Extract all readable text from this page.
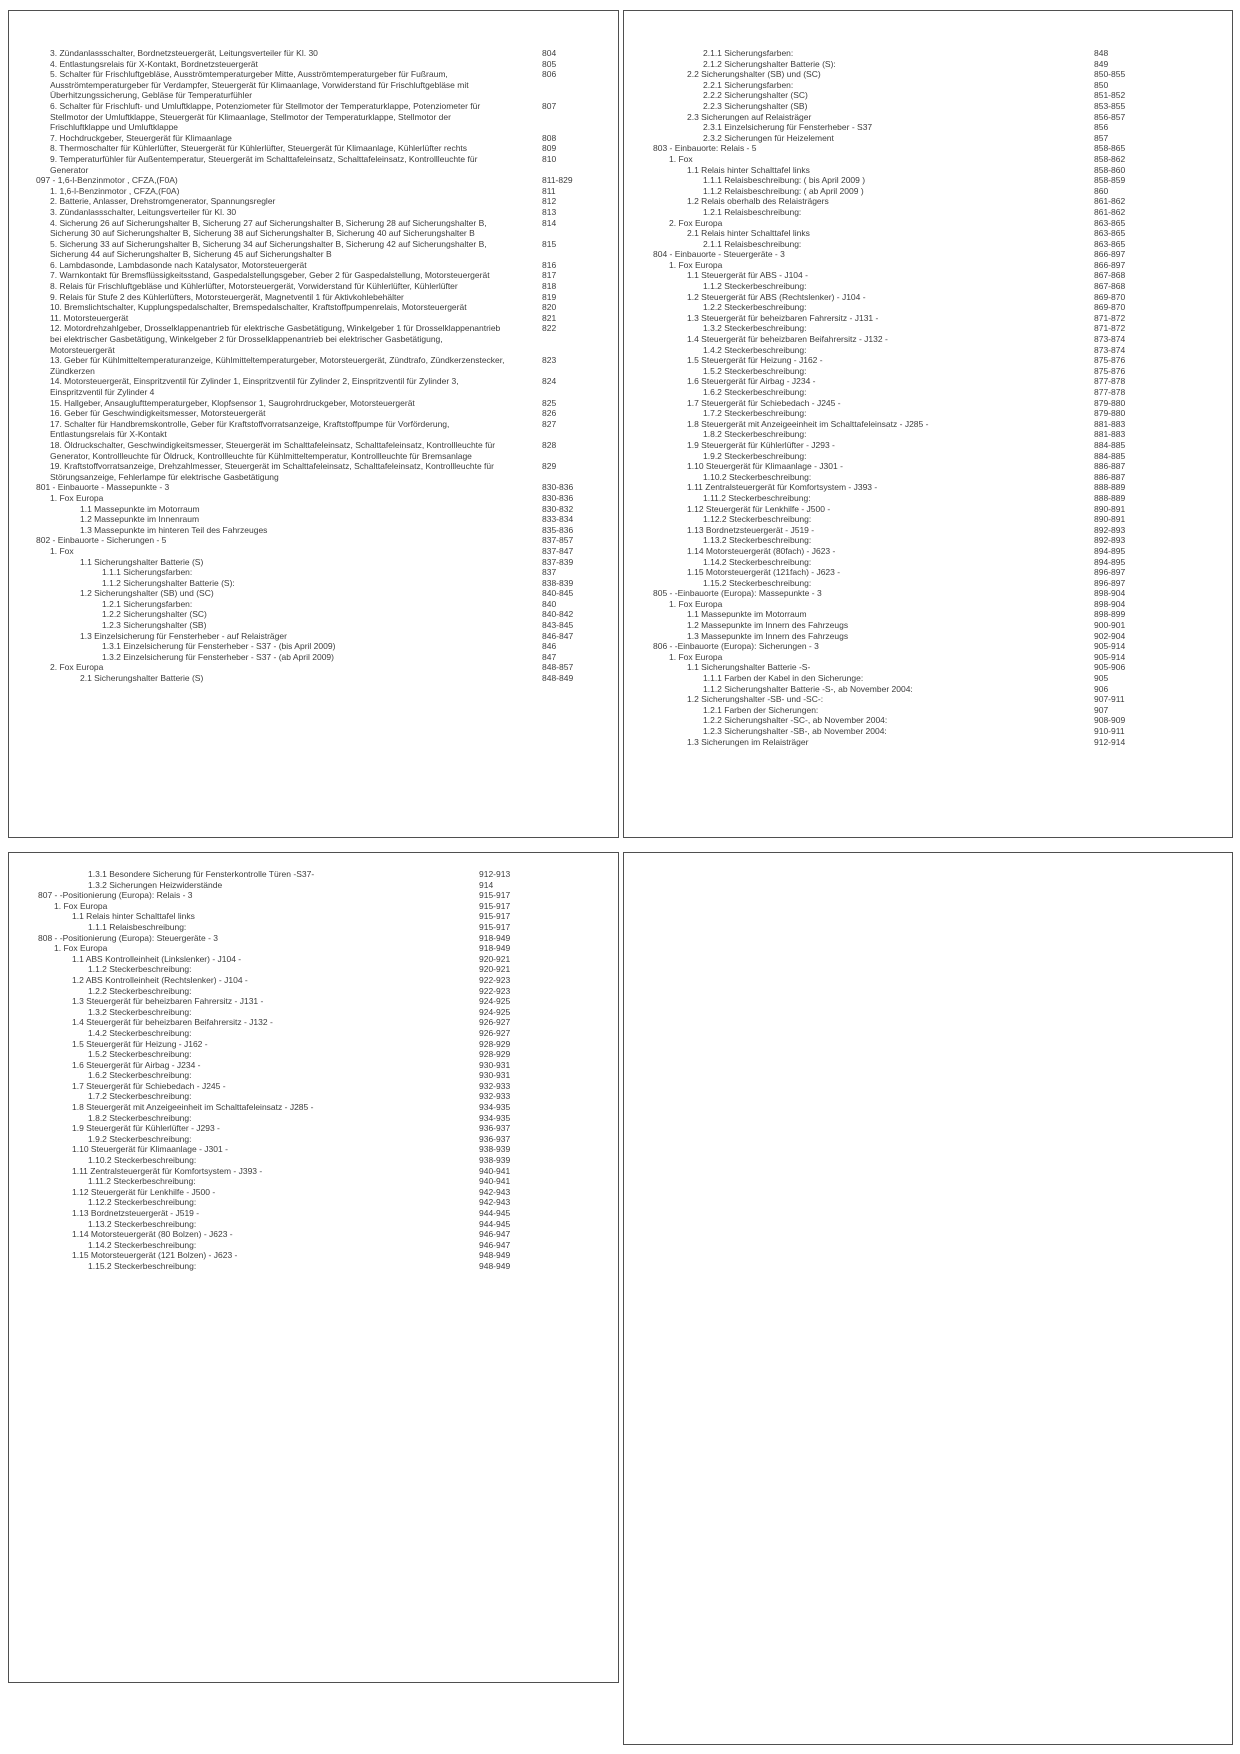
804
3. Zündanlassschalter, Bordnetzsteuergerät, Leitungsverteiler für Kl. 30
805
4. Entlastungsrelais für X-Kontakt, Bordnetzsteuergerät
806
5. Schalter für Frischluftgebläse, Ausströmtemperaturgeber Mitte, Ausströmtemperaturgeber für Fußraum, Ausströmtemperaturgeber für Verdampfer, Steuergerät für Klimaanlage, Vorwiderstand für Frischluftgebläse mit Überhitzungssicherung, Gebläse für Temperaturfühler
807
6. Schalter für Frischluft- und Umluftklappe, Potenziometer für Stellmotor der Temperaturklappe, Potenziometer für Stellmotor der Umluftklappe, Steuergerät für Klimaanlage, Stellmotor der Temperaturklappe, Stellmotor der Frischluftklappe und Umluftklappe
808
7. Hochdruckgeber, Steuergerät für Klimaanlage
809
8. Thermoschalter für Kühlerlüfter, Steuergerät für Kühlerlüfter, Steuergerät für Klimaanlage, Kühlerlüfter rechts
810
9. Temperaturfühler für Außentemperatur, Steuergerät im Schalttafeleinsatz, Schalttafeleinsatz, Kontrollleuchte für Generator
811-829
097 - 1,6-l-Benzinmotor , CFZA,(F0A)
811
1. 1,6-l-Benzinmotor , CFZA,(F0A)
812
2. Batterie, Anlasser, Drehstromgenerator, Spannungsregler
813
3. Zündanlassschalter, Leitungsverteiler für Kl. 30
814
4. Sicherung 26 auf Sicherungshalter B, Sicherung 27 auf Sicherungshalter B, Sicherung 28 auf Sicherungshalter B, Sicherung 30 auf Sicherungshalter B, Sicherung 38 auf Sicherungshalter B, Sicherung 40 auf Sicherungshalter B
815
5. Sicherung 33 auf Sicherungshalter B, Sicherung 34 auf Sicherungshalter B, Sicherung 42 auf Sicherungshalter B, Sicherung 44 auf Sicherungshalter B, Sicherung 45 auf Sicherungshalter B
816
6. Lambdasonde, Lambdasonde nach Katalysator, Motorsteuergerät
817
7. Warnkontakt für Bremsflüssigkeitsstand, Gaspedalstellungsgeber, Geber 2 für Gaspedalstellung, Motorsteuergerät
818
8. Relais für Frischluftgebläse und Kühlerlüfter, Motorsteuergerät, Vorwiderstand für Kühlerlüfter, Kühlerlüfter
819
9. Relais für Stufe 2 des Kühlerlüfters, Motorsteuergerät, Magnetventil 1 für Aktivkohlebehälter
820
10. Bremslichtschalter, Kupplungspedalschalter, Bremspedalschalter, Kraftstoffpumpenrelais, Motorsteuergerät
821
11. Motorsteuergerät
822
12. Motordrehzahlgeber, Drosselklappenantrieb für elektrische Gasbetätigung, Winkelgeber 1 für Drosselklappenantrieb bei elektrischer Gasbetätigung, Winkelgeber 2 für Drosselklappenantrieb bei elektrischer Gasbetätigung, Motorsteuergerät
823
13. Geber für Kühlmitteltemperaturanzeige, Kühlmitteltemperaturgeber, Motorsteuergerät, Zündtrafo, Zündkerzenstecker, Zündkerzen
824
14. Motorsteuergerät, Einspritzventil für Zylinder 1, Einspritzventil für Zylinder 2, Einspritzventil für Zylinder 3, Einspritzventil für Zylinder 4
825
15. Hallgeber, Ansauglufttemperaturgeber, Klopfsensor 1, Saugrohrdruckgeber, Motorsteuergerät
826
16. Geber für Geschwindigkeitsmesser, Motorsteuergerät
827
17. Schalter für Handbremskontrolle, Geber für Kraftstoffvorratsanzeige, Kraftstoffpumpe für Vorförderung, Entlastungsrelais für X-Kontakt
828
18. Öldruckschalter, Geschwindigkeitsmesser, Steuergerät im Schalttafeleinsatz, Schalttafeleinsatz, Kontrollleuchte für Generator, Kontrollleuchte für Öldruck, Kontrollleuchte für Kühlmitteltemperatur, Kontrollleuchte für Bremsanlage
829
19. Kraftstoffvorratsanzeige, Drehzahlmesser, Steuergerät im Schalttafeleinsatz, Schalttafeleinsatz, Kontrollleuchte für Störungsanzeige, Fehlerlampe für elektrische Gasbetätigung
830-836
801 - Einbauorte - Massepunkte - 3
830-836
1. Fox Europa
830-832
1.1 Massepunkte im Motorraum
833-834
1.2 Massepunkte im Innenraum
835-836
1.3 Massepunkte im hinteren Teil des Fahrzeuges
837-857
802 - Einbauorte - Sicherungen - 5
837-847
1. Fox
837-839
1.1 Sicherungshalter Batterie (S)
837
1.1.1 Sicherungsfarben:
838-839
1.1.2 Sicherungshalter Batterie (S):
840-845
1.2 Sicherungshalter (SB) und (SC)
840
1.2.1 Sicherungsfarben:
840-842
1.2.2 Sicherungshalter (SC)
843-845
1.2.3 Sicherungshalter (SB)
846-847
1.3 Einzelsicherung für Fensterheber - auf Relaisträger
846
1.3.1 Einzelsicherung für Fensterheber - S37 - (bis April 2009)
847
1.3.2 Einzelsicherung für Fensterheber - S37 - (ab April 2009)
848-857
2. Fox Europa
848-849
2.1 Sicherungshalter Batterie (S)
848
2.1.1 Sicherungsfarben:
849
2.1.2 Sicherungshalter Batterie (S):
850-855
2.2 Sicherungshalter (SB) und (SC)
850
2.2.1 Sicherungsfarben:
851-852
2.2.2 Sicherungshalter (SC)
853-855
2.2.3 Sicherungshalter (SB)
856-857
2.3 Sicherungen auf Relaisträger
856
2.3.1 Einzelsicherung für Fensterheber - S37
857
2.3.2 Sicherungen für Heizelement
858-865
803 - Einbauorte: Relais - 5
858-862
1. Fox
858-860
1.1 Relais hinter Schalttafel links
858-859
1.1.1 Relaisbeschreibung: ( bis April 2009 )
860
1.1.2 Relaisbeschreibung: ( ab April 2009 )
861-862
1.2 Relais oberhalb des Relaisträgers
861-862
1.2.1 Relaisbeschreibung:
863-865
2. Fox Europa
863-865
2.1 Relais hinter Schalttafel links
863-865
2.1.1 Relaisbeschreibung:
866-897
804 - Einbauorte - Steuergeräte - 3
866-897
1. Fox Europa
867-868
1.1 Steuergerät für ABS - J104 -
867-868
1.1.2 Steckerbeschreibung:
869-870
1.2 Steuergerät für ABS (Rechtslenker) - J104 -
869-870
1.2.2 Steckerbeschreibung:
871-872
1.3 Steuergerät für beheizbaren Fahrersitz - J131 -
871-872
1.3.2 Steckerbeschreibung:
873-874
1.4 Steuergerät für beheizbaren Beifahrersitz - J132 -
873-874
1.4.2 Steckerbeschreibung:
875-876
1.5 Steuergerät für Heizung - J162 -
875-876
1.5.2 Steckerbeschreibung:
877-878
1.6 Steuergerät für Airbag - J234 -
877-878
1.6.2 Steckerbeschreibung:
879-880
1.7 Steuergerät für Schiebedach - J245 -
879-880
1.7.2 Steckerbeschreibung:
881-883
1.8 Steuergerät mit Anzeigeeinheit im Schalttafeleinsatz - J285 -
881-883
1.8.2 Steckerbeschreibung:
884-885
1.9 Steuergerät für Kühlerlüfter - J293 -
884-885
1.9.2 Steckerbeschreibung:
886-887
1.10 Steuergerät für Klimaanlage - J301 -
886-887
1.10.2 Steckerbeschreibung:
888-889
1.11 Zentralsteuergerät für Komfortsystem - J393 -
888-889
1.11.2 Steckerbeschreibung:
890-891
1.12 Steuergerät für Lenkhilfe - J500 -
890-891
1.12.2 Steckerbeschreibung:
892-893
1.13 Bordnetzsteuergerät - J519 -
892-893
1.13.2 Steckerbeschreibung:
894-895
1.14 Motorsteuergerät (80fach) - J623 -
894-895
1.14.2 Steckerbeschreibung:
896-897
1.15 Motorsteuergerät (121fach) - J623 -
896-897
1.15.2 Steckerbeschreibung:
898-904
805 - -Einbauorte (Europa): Massepunkte - 3
898-904
1. Fox Europa
898-899
1.1 Massepunkte im Motorraum
900-901
1.2 Massepunkte im Innern des Fahrzeugs
902-904
1.3 Massepunkte im Innern des Fahrzeugs
905-914
806 - -Einbauorte (Europa): Sicherungen - 3
905-914
1. Fox Europa
905-906
1.1 Sicherungshalter Batterie -S-
905
1.1.1 Farben der Kabel in den Sicherunge:
906
1.1.2 Sicherungshalter Batterie -S-, ab November 2004:
907-911
1.2 Sicherungshalter -SB- und -SC-:
907
1.2.1 Farben der Sicherungen:
908-909
1.2.2 Sicherungshalter -SC-, ab November 2004:
910-911
1.2.3 Sicherungshalter -SB-, ab November 2004:
912-914
1.3 Sicherungen im Relaisträger
912-913
1.3.1 Besondere Sicherung für Fensterkontrolle Türen -S37-
914
1.3.2 Sicherungen Heizwiderstände
915-917
807 - -Positionierung (Europa): Relais - 3
915-917
1. Fox Europa
915-917
1.1 Relais hinter Schalttafel links
915-917
1.1.1 Relaisbeschreibung:
918-949
808 - -Positionierung (Europa): Steuergeräte - 3
918-949
1. Fox Europa
920-921
1.1 ABS Kontrolleinheit (Linkslenker) - J104 -
920-921
1.1.2 Steckerbeschreibung:
922-923
1.2 ABS Kontrolleinheit (Rechtslenker) - J104 -
922-923
1.2.2 Steckerbeschreibung:
924-925
1.3 Steuergerät für beheizbaren Fahrersitz - J131 -
924-925
1.3.2 Steckerbeschreibung:
926-927
1.4 Steuergerät für beheizbaren Beifahrersitz - J132 -
926-927
1.4.2 Steckerbeschreibung:
928-929
1.5 Steuergerät für Heizung - J162 -
928-929
1.5.2 Steckerbeschreibung:
930-931
1.6 Steuergerät für Airbag - J234 -
930-931
1.6.2 Steckerbeschreibung:
932-933
1.7 Steuergerät für Schiebedach - J245 -
932-933
1.7.2 Steckerbeschreibung:
934-935
1.8 Steuergerät mit Anzeigeeinheit im Schalttafeleinsatz - J285 -
934-935
1.8.2 Steckerbeschreibung:
936-937
1.9 Steuergerät für Kühlerlüfter - J293 -
936-937
1.9.2 Steckerbeschreibung:
938-939
1.10 Steuergerät für Klimaanlage - J301 -
938-939
1.10.2 Steckerbeschreibung:
940-941
1.11 Zentralsteuergerät für Komfortsystem - J393 -
940-941
1.11.2 Steckerbeschreibung:
942-943
1.12 Steuergerät für Lenkhilfe - J500 -
942-943
1.12.2 Steckerbeschreibung:
944-945
1.13 Bordnetzsteuergerät - J519 -
944-945
1.13.2 Steckerbeschreibung:
946-947
1.14 Motorsteuergerät (80 Bolzen) - J623 -
946-947
1.14.2 Steckerbeschreibung:
948-949
1.15 Motorsteuergerät (121 Bolzen) - J623 -
948-949
1.15.2 Steckerbeschreibung:
